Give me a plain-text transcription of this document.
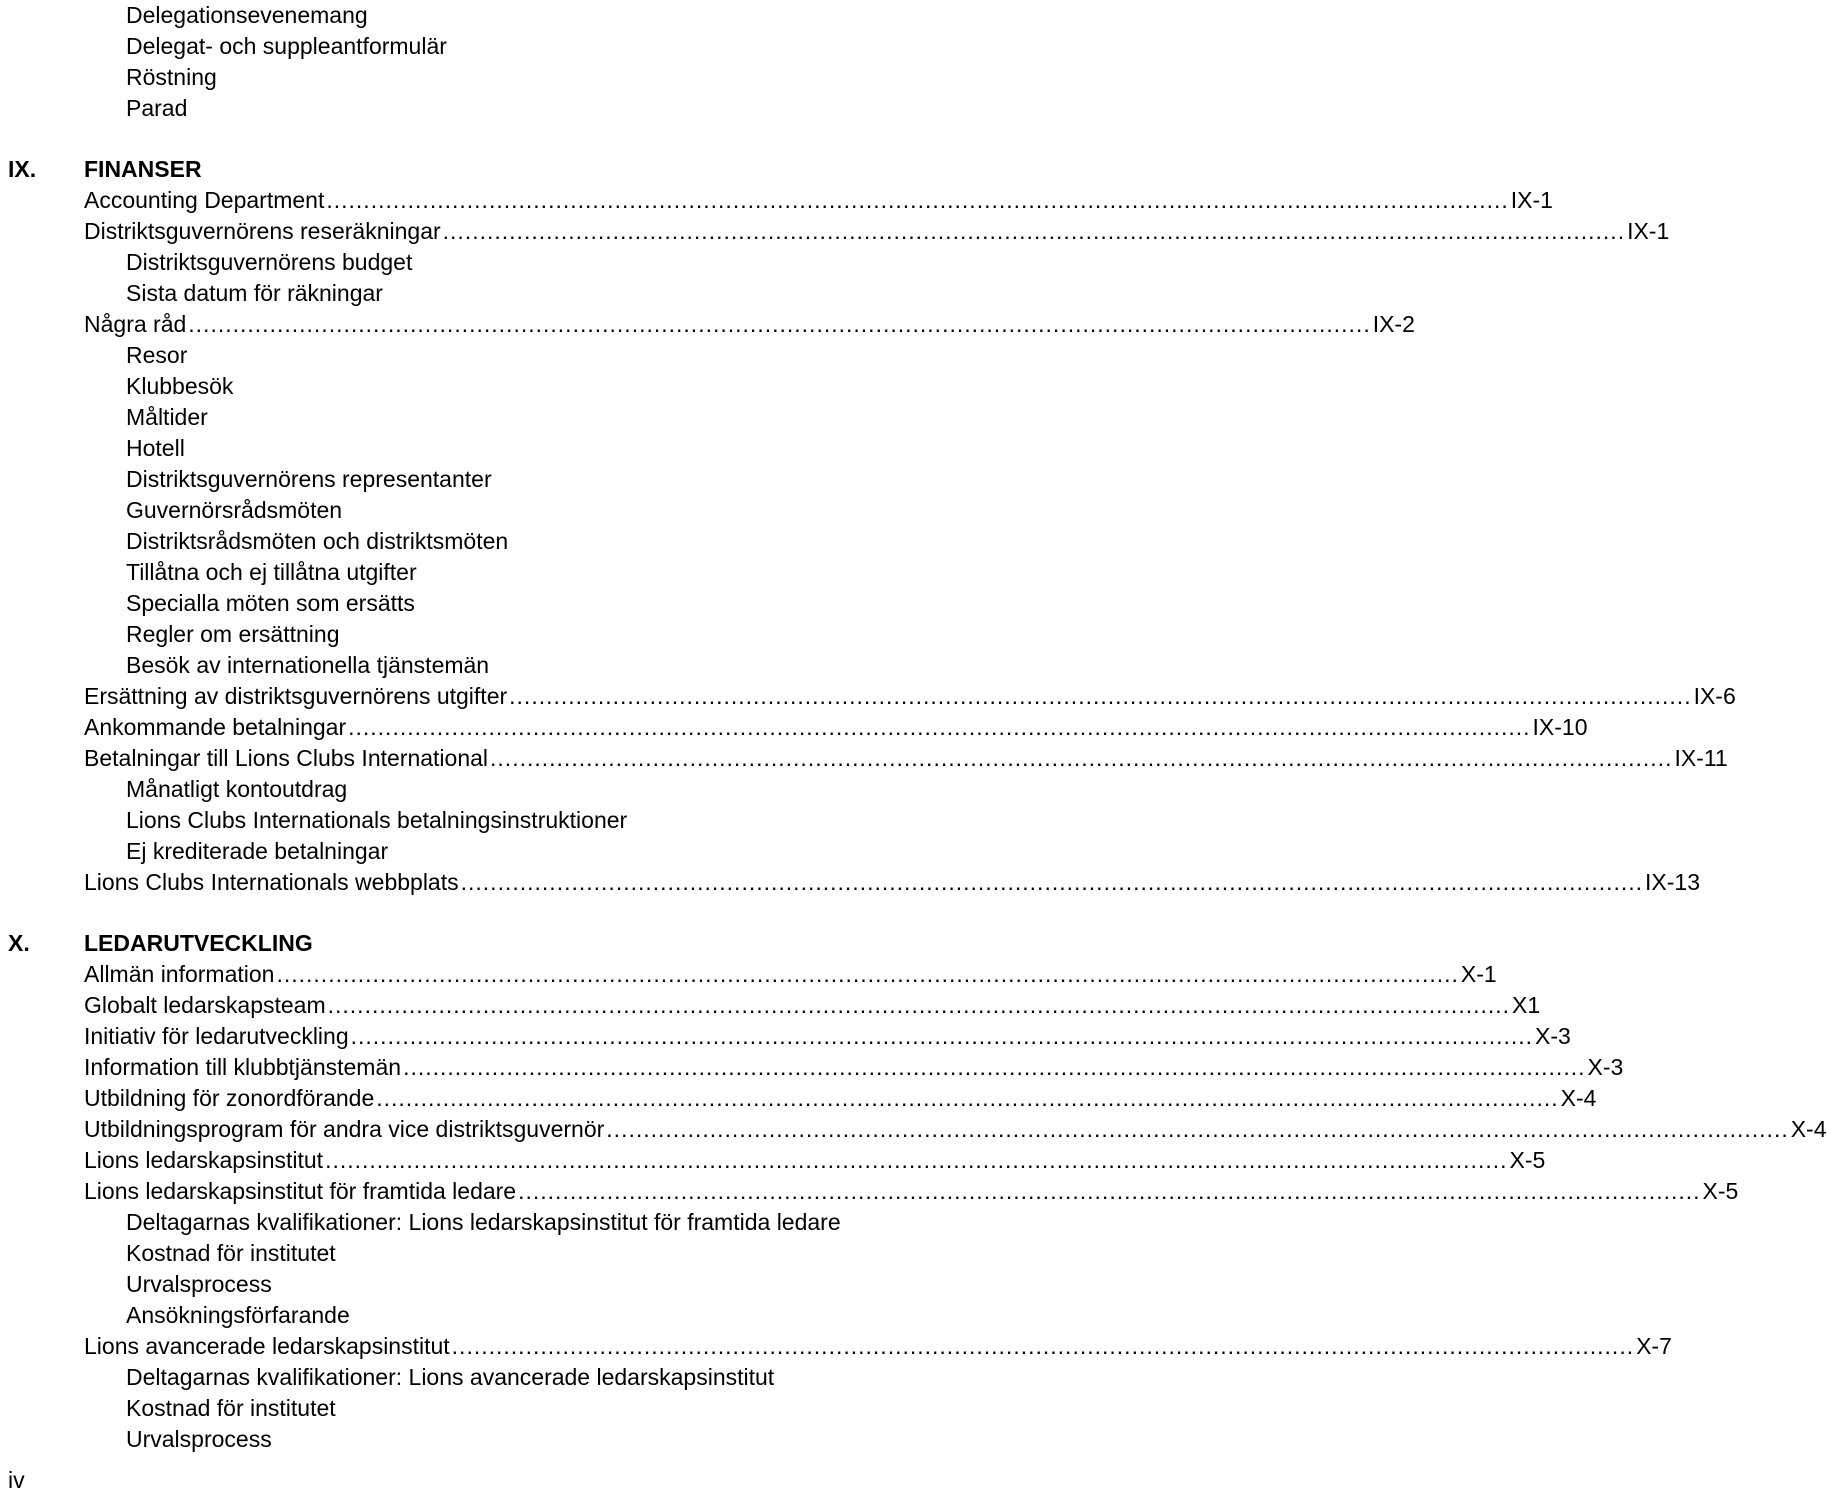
Delegationsevenemang
Delegat- och suppleantformulär
Röstning
Parad
IX. FINANSER
Accounting Department ................................................................................................................................................................ IX-1
Distriktsguvernörens reseräkningar ................................................................................................................................................................ IX-1
Distriktsguvernörens budget
Sista datum för räkningar
Några råd ................................................................................................................................................................ IX-2
Resor
Klubbesök
Måltider
Hotell
Distriktsguvernörens representanter
Guvernörsrådsmöten
Distriktsrådsmöten och distriktsmöten
Tillåtna och ej tillåtna utgifter
Specialla möten som ersätts
Regler om ersättning
Besök av internationella tjänstemän
Ersättning av distriktsguvernörens utgifter ................................................................................................................................................................ IX-6
Ankommande betalningar ................................................................................................................................................................ IX-10
Betalningar till Lions Clubs International ................................................................................................................................................................ IX-11
Månatligt kontoutdrag
Lions Clubs Internationals betalningsinstruktioner
Ej krediterade betalningar
Lions Clubs Internationals webbplats ................................................................................................................................................................ IX-13
X. LEDARUTVECKLING
Allmän information ................................................................................................................................................................ X-1
Globalt ledarskapsteam ................................................................................................................................................................ X1
Initiativ för ledarutveckling ................................................................................................................................................................ X-3
Information till klubbtjänstemän ................................................................................................................................................................ X-3
Utbildning för zonordförande ................................................................................................................................................................ X-4
Utbildningsprogram för andra vice distriktsguvernör ................................................................................................................................................................ X-4
Lions ledarskapsinstitut ................................................................................................................................................................ X-5
Lions ledarskapsinstitut för framtida ledare ................................................................................................................................................................ X-5
Deltagarnas kvalifikationer: Lions ledarskapsinstitut för framtida ledare
Kostnad för institutet
Urvalsprocess
Ansökningsförfarande
Lions avancerade ledarskapsinstitut ................................................................................................................................................................ X-7
Deltagarnas kvalifikationer: Lions avancerade ledarskapsinstitut
Kostnad för institutet
Urvalsprocess
iv
